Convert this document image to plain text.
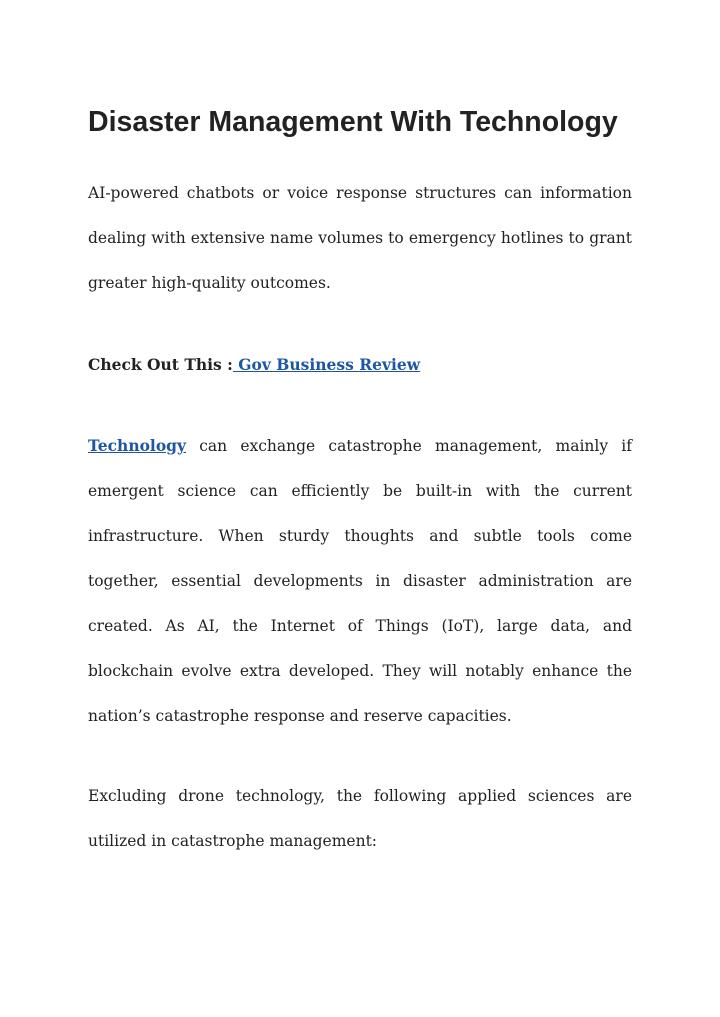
Disaster Management With Technology

AI-powered chatbots or voice response structures can information dealing with extensive name volumes to emergency hotlines to grant greater high-quality outcomes.

Check Out This : Gov Business Review

Technology can exchange catastrophe management, mainly if emergent science can efficiently be built-in with the current infrastructure. When sturdy thoughts and subtle tools come together, essential developments in disaster administration are created. As AI, the Internet of Things (IoT), large data, and blockchain evolve extra developed. They will notably enhance the nation’s catastrophe response and reserve capacities.

Excluding drone technology, the following applied sciences are utilized in catastrophe management:
